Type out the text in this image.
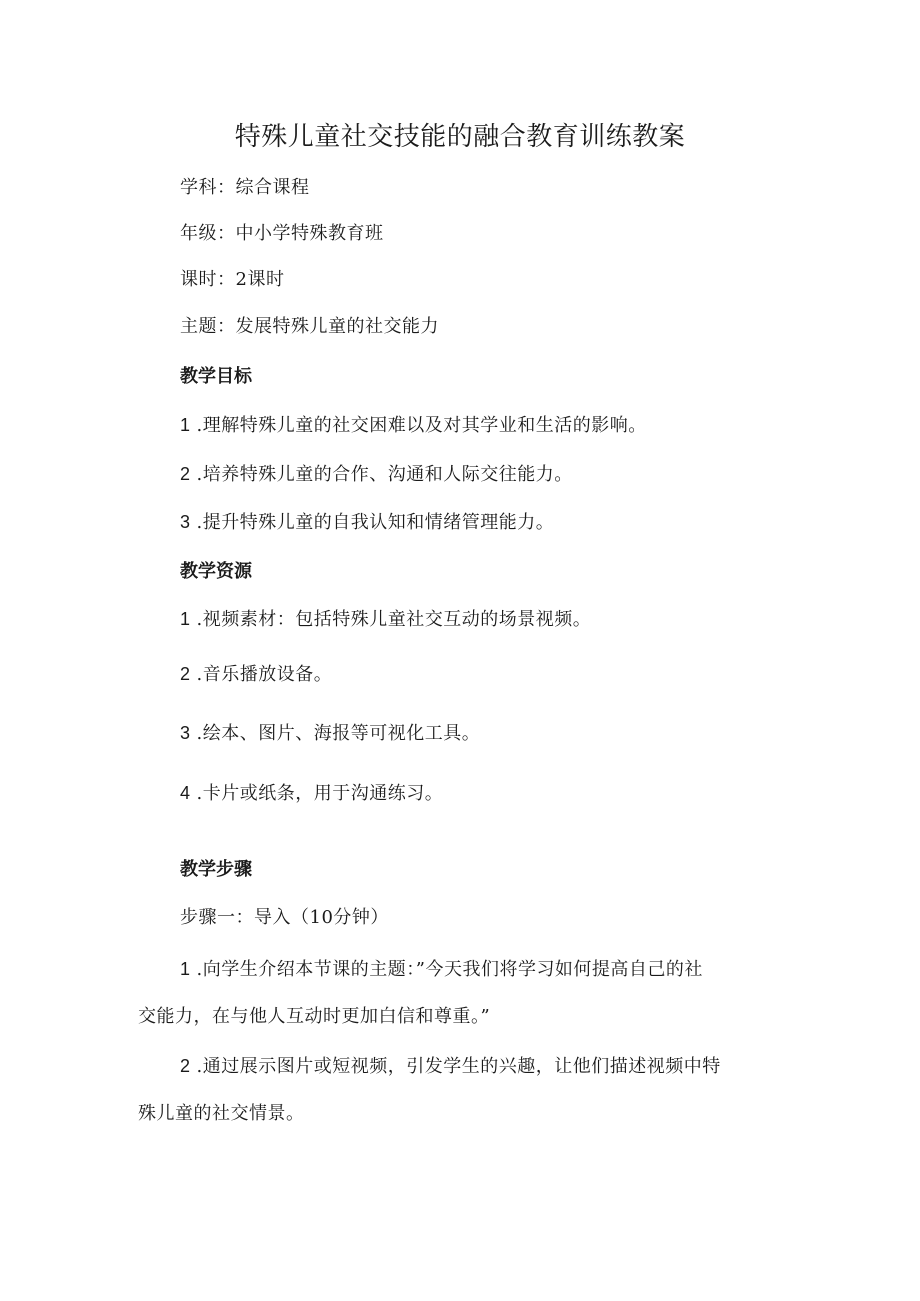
特殊儿童社交技能的融合教育训练教案
学科：综合课程
年级：中小学特殊教育班
课时：2课时
主题：发展特殊儿童的社交能力
教学目标
1 .理解特殊儿童的社交困难以及对其学业和生活的影响。
2 .培养特殊儿童的合作、沟通和人际交往能力。
3 .提升特殊儿童的自我认知和情绪管理能力。
教学资源
1 .视频素材：包括特殊儿童社交互动的场景视频。
2 .音乐播放设备。
3 .绘本、图片、海报等可视化工具。
4 .卡片或纸条，用于沟通练习。
教学步骤
步骤一：导入（10分钟）
1 .向学生介绍本节课的主题：”今天我们将学习如何提高自己的社
交能力，在与他人互动时更加白信和尊重。”
2 .通过展示图片或短视频，引发学生的兴趣，让他们描述视频中特
殊儿童的社交情景。
